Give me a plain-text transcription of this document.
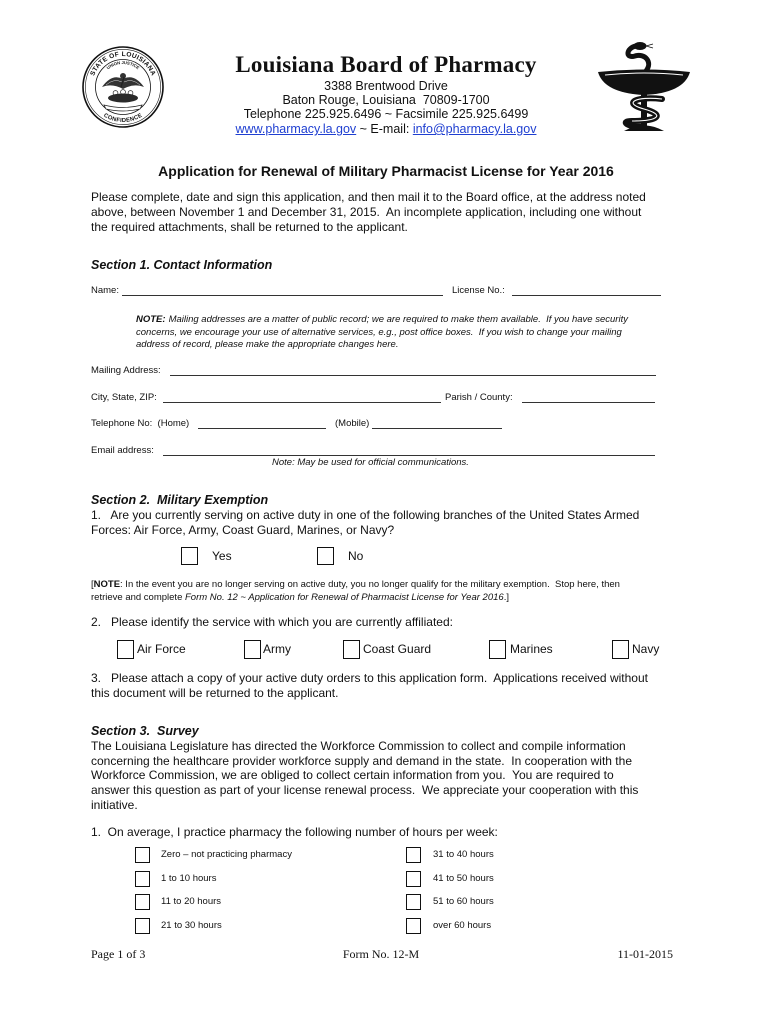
STATE OF LOUISIANA
UNION JUSTICE
CONFIDENCE
Louisiana Board of Pharmacy
3388 Brentwood Drive
Baton Rouge, Louisiana  70809-1700
Telephone 225.925.6496 ~ Facsimile 225.925.6499
www.pharmacy.la.gov ~ E-mail: info@pharmacy.la.gov
Application for Renewal of Military Pharmacist License for Year 2016
Please complete, date and sign this application, and then mail it to the Board office, at the address noted
above, between November 1 and December 31, 2015.  An incomplete application, including one without
the required attachments, shall be returned to the applicant.
Section 1. Contact Information
Name:	License No.:
NOTE: Mailing addresses are a matter of public record; we are required to make them available.  If you have security
concerns, we encourage your use of alternative services, e.g., post office boxes.  If you wish to change your mailing
address of record, please make the appropriate changes here.
Mailing Address:
City, State, ZIP:	Parish / County:
Telephone No:  (Home)	(Mobile)
Email address:
Note: May be used for official communications.
Section 2.  Military Exemption
1.   Are you currently serving on active duty in one of the following branches of the United States Armed
Forces: Air Force, Army, Coast Guard, Marines, or Navy?
Yes	No
[NOTE: In the event you are no longer serving on active duty, you no longer qualify for the military exemption.  Stop here, then
retrieve and complete Form No. 12 ~ Application for Renewal of Pharmacist License for Year 2016.]
2.   Please identify the service with which you are currently affiliated:
Air Force	Army	Coast Guard	Marines	Navy
3.   Please attach a copy of your active duty orders to this application form.  Applications received without
this document will be returned to the applicant.
Section 3.  Survey
The Louisiana Legislature has directed the Workforce Commission to collect and compile information
concerning the healthcare provider workforce supply and demand in the state.  In cooperation with the
Workforce Commission, we are obliged to collect certain information from you.  You are required to
answer this question as part of your license renewal process.  We appreciate your cooperation with this
initiative.
1.  On average, I practice pharmacy the following number of hours per week:
Zero – not practicing pharmacy
1 to 10 hours
11 to 20 hours
21 to 30 hours
31 to 40 hours
41 to 50 hours
51 to 60 hours
over 60 hours
Page 1 of 3	Form No. 12-M	11-01-2015
